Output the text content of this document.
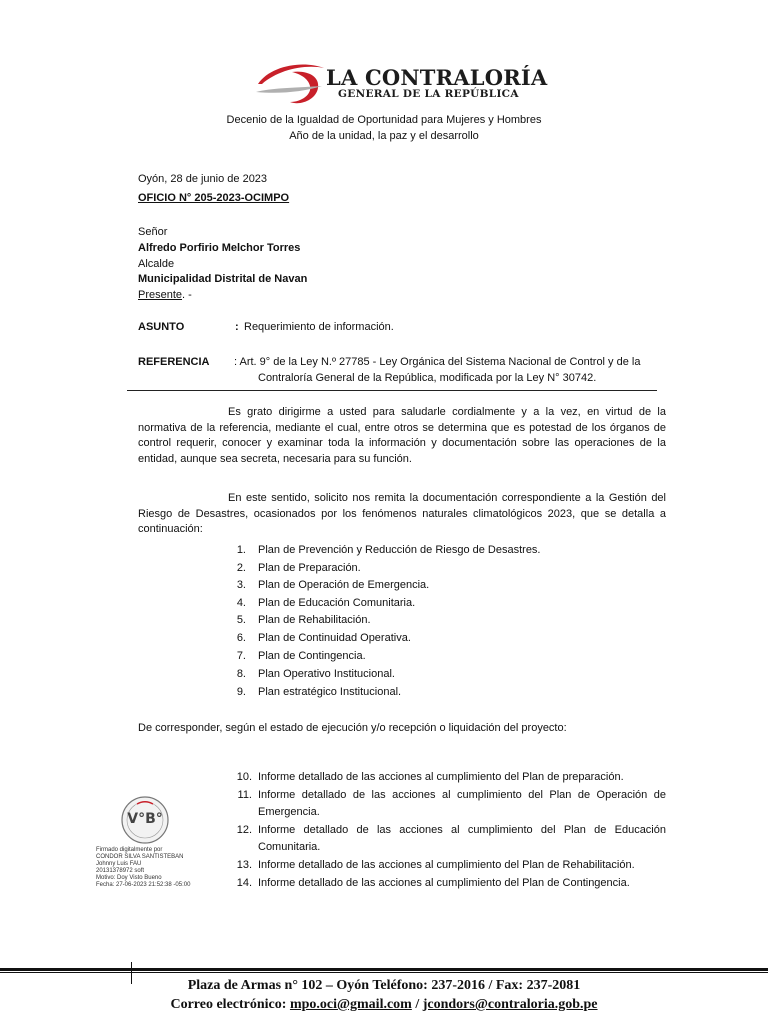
LA CONTRALORÍA
GENERAL DE LA REPÚBLICA
Decenio de la Igualdad de Oportunidad para Mujeres y Hombres
Año de la unidad, la paz y el desarrollo
Oyón, 28 de junio de 2023
OFICIO N° 205-2023-OCIMPO
Señor
Alfredo Porfirio Melchor Torres
Alcalde
Municipalidad Distrital de Navan
Presente. -
ASUNTO	: Requerimiento de información.
REFERENCIA : Art. 9° de la Ley N.º 27785 - Ley Orgánica del Sistema Nacional de Control y de la
Contraloría General de la República, modificada por la Ley N° 30742.
Es grato dirigirme a usted para saludarle cordialmente y a la vez, en virtud de la normativa de la referencia, mediante el cual, entre otros se determina que es potestad de los órganos de control requerir, conocer y examinar toda la información y documentación sobre las operaciones de la entidad, aunque sea secreta, necesaria para su función.
En este sentido, solicito nos remita la documentación correspondiente a la Gestión del Riesgo de Desastres, ocasionados por los fenómenos naturales climatológicos 2023, que se detalla a continuación:
1. Plan de Prevención y Reducción de Riesgo de Desastres.
2. Plan de Preparación.
3. Plan de Operación de Emergencia.
4. Plan de Educación Comunitaria.
5. Plan de Rehabilitación.
6. Plan de Continuidad Operativa.
7. Plan de Contingencia.
8. Plan Operativo Institucional.
9. Plan estratégico Institucional.
De corresponder, según el estado de ejecución y/o recepción o liquidación del proyecto:
10. Informe detallado de las acciones al cumplimiento del Plan de preparación.
11. Informe detallado de las acciones al cumplimiento del Plan de Operación de
Emergencia.
12. Informe detallado de las acciones al cumplimiento del Plan de Educación
Comunitaria.
13. Informe detallado de las acciones al cumplimiento del Plan de Rehabilitación.
14. Informe detallado de las acciones al cumplimiento del Plan de Contingencia.
V°B°
Firmado digitalmente por
CONDOR SILVA SANTISTEBAN
Johnny Luis FAU
20131378972 soft
Motivo: Doy Visto Bueno
Fecha: 27-06-2023 21:52:38 -05:00
Plaza de Armas n° 102 – Oyón Teléfono: 237-2016 / Fax: 237-2081
Correo electrónico: mpo.oci@gmail.com / jcondors@contraloria.gob.pe
